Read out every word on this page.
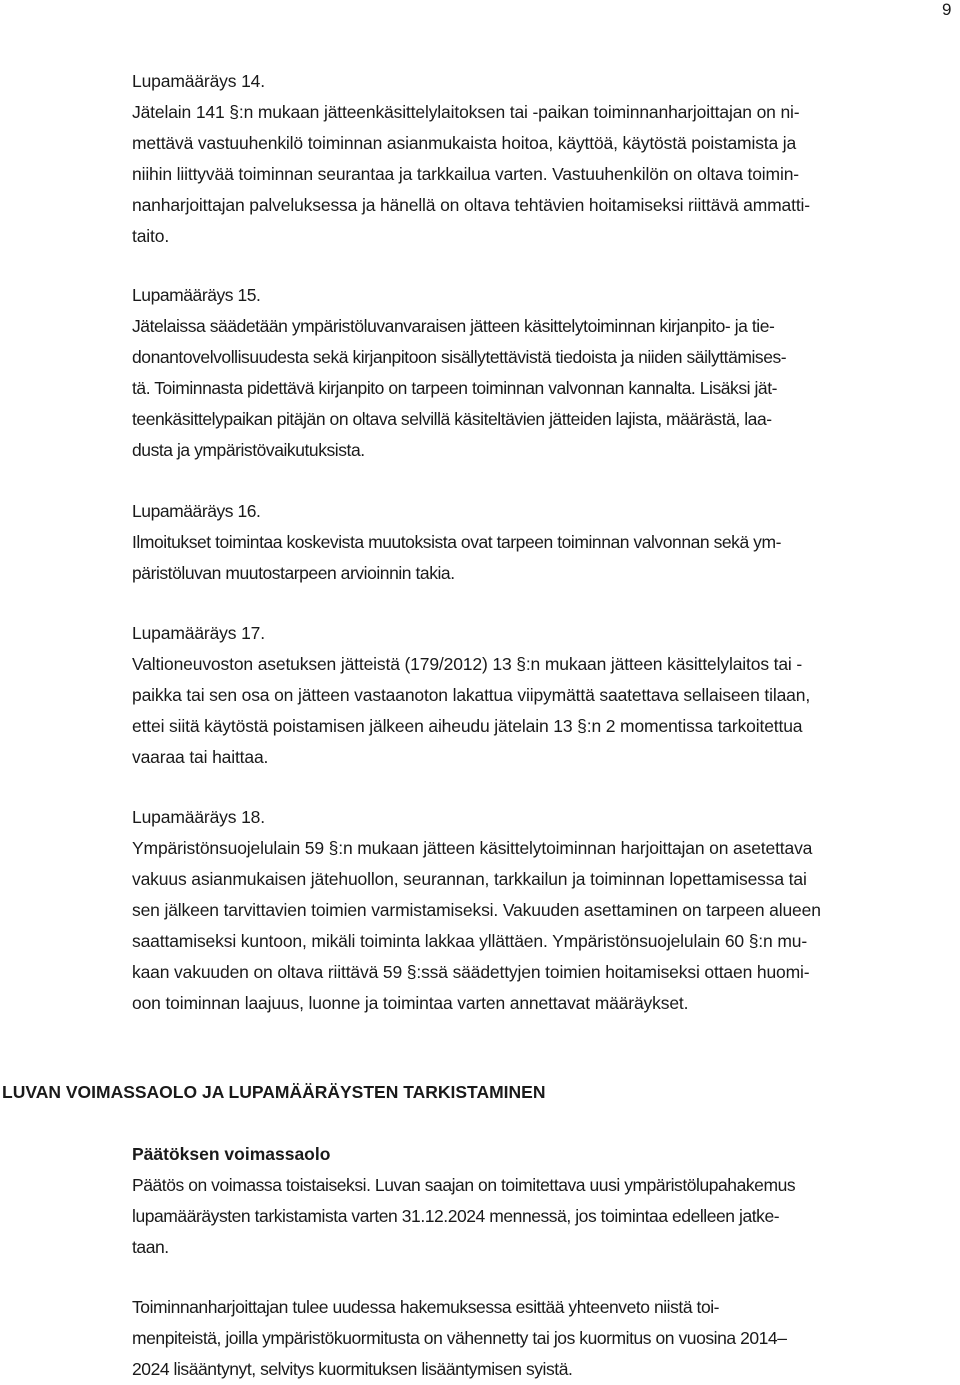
9
Lupamääräys 14.
Jätelain 141 §:n mukaan jätteenkäsittelylaitoksen tai -paikan toiminnanharjoittajan on ni-
mettävä vastuuhenkilö toiminnan asianmukaista hoitoa, käyttöä, käytöstä poistamista ja
niihin liittyvää toiminnan seurantaa ja tarkkailua varten. Vastuuhenkilön on oltava toimin-
nanharjoittajan palveluksessa ja hänellä on oltava tehtävien hoitamiseksi riittävä ammatti-
taito.
Lupamääräys 15.
Jätelaissa säädetään ympäristöluvanvaraisen jätteen käsittelytoiminnan kirjanpito- ja tie-
donantovelvollisuudesta sekä kirjanpitoon sisällytettävistä tiedoista ja niiden säilyttämises-
tä. Toiminnasta pidettävä kirjanpito on tarpeen toiminnan valvonnan kannalta. Lisäksi jät-
teenkäsittelypaikan pitäjän on oltava selvillä käsiteltävien jätteiden lajista, määrästä, laa-
dusta ja ympäristövaikutuksista.
Lupamääräys 16.
Ilmoitukset toimintaa koskevista muutoksista ovat tarpeen toiminnan valvonnan sekä ym-
päristöluvan muutostarpeen arvioinnin takia.
Lupamääräys 17.
Valtioneuvoston asetuksen jätteistä (179/2012) 13 §:n mukaan jätteen käsittelylaitos tai -
paikka tai sen osa on jätteen vastaanoton lakattua viipymättä saatettava sellaiseen tilaan,
ettei siitä käytöstä poistamisen jälkeen aiheudu jätelain 13 §:n 2 momentissa tarkoitettua
vaaraa tai haittaa.
Lupamääräys 18.
Ympäristönsuojelulain 59 §:n mukaan jätteen käsittelytoiminnan harjoittajan on asetettava
vakuus asianmukaisen jätehuollon, seurannan, tarkkailun ja toiminnan lopettamisessa tai
sen jälkeen tarvittavien toimien varmistamiseksi. Vakuuden asettaminen on tarpeen alueen
saattamiseksi kuntoon, mikäli toiminta lakkaa yllättäen. Ympäristönsuojelulain 60 §:n mu-
kaan vakuuden on oltava riittävä 59 §:ssä säädettyjen toimien hoitamiseksi ottaen huomi-
oon toiminnan laajuus, luonne ja toimintaa varten annettavat määräykset.
LUVAN VOIMASSAOLO JA LUPAMÄÄRÄYSTEN TARKISTAMINEN
Päätöksen voimassaolo
Päätös on voimassa toistaiseksi. Luvan saajan on toimitettava uusi ympäristölupahakemus
lupamääräysten tarkistamista varten 31.12.2024 mennessä, jos toimintaa edelleen jatke-
taan.
Toiminnanharjoittajan tulee uudessa hakemuksessa esittää yhteenveto niistä toi-
menpiteistä, joilla ympäristökuormitusta on vähennetty tai jos kuormitus on vuosina 2014–
2024 lisääntynyt, selvitys kuormituksen lisääntymisen syistä.
